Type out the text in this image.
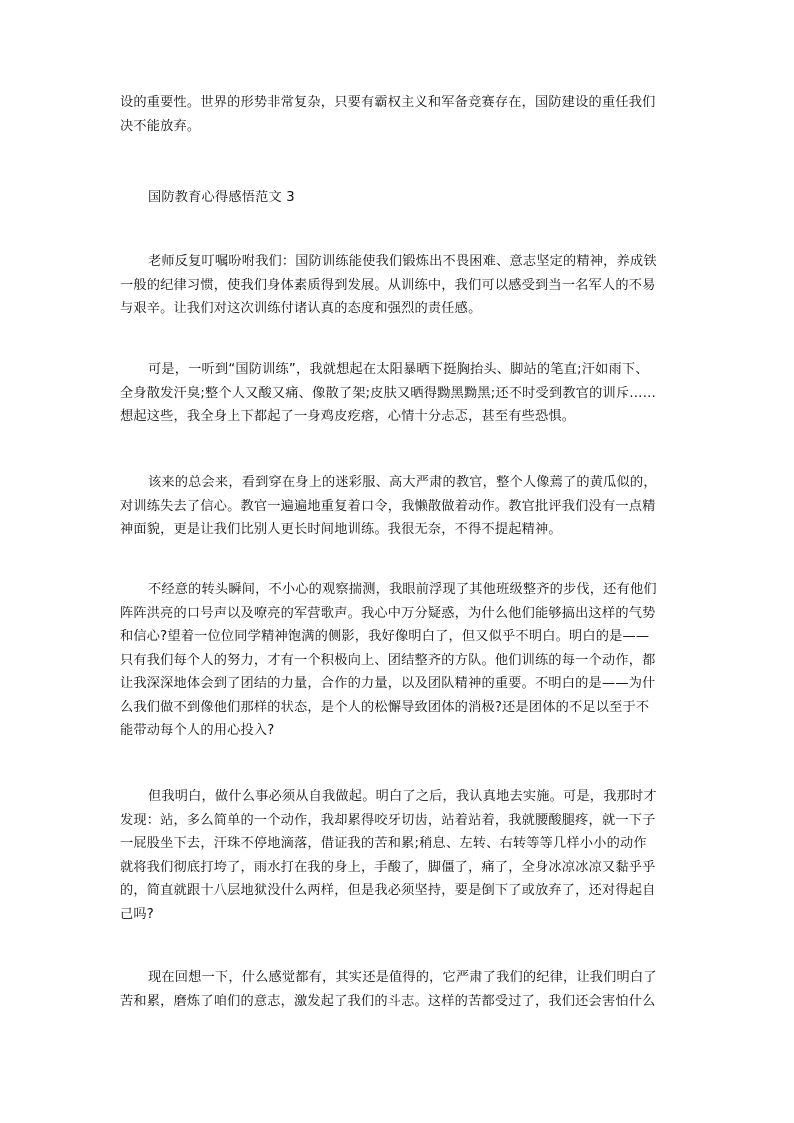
设的重要性。世界的形势非常复杂，只要有霸权主义和军备竞赛存在，国防建设的重任我们
决不能放弃。
国防教育心得感悟范文 3
老师反复叮嘱吩咐我们：国防训练能使我们锻炼出不畏困难、意志坚定的精神，养成铁
一般的纪律习惯，使我们身体素质得到发展。从训练中，我们可以感受到当一名军人的不易
与艰辛。让我们对这次训练付诸认真的态度和强烈的责任感。
可是，一听到“国防训练”，我就想起在太阳暴晒下挺胸抬头、脚站的笔直;汗如雨下、
全身散发汗臭;整个人又酸又痛、像散了架;皮肤又晒得黝黑黝黑;还不时受到教官的训斥……
想起这些，我全身上下都起了一身鸡皮疙瘩，心情十分忐忑，甚至有些恐惧。
该来的总会来，看到穿在身上的迷彩服、高大严肃的教官，整个人像蔫了的黄瓜似的，
对训练失去了信心。教官一遍遍地重复着口令，我懒散做着动作。教官批评我们没有一点精
神面貌，更是让我们比别人更长时间地训练。我很无奈，不得不提起精神。
不经意的转头瞬间，不小心的观察揣测，我眼前浮现了其他班级整齐的步伐，还有他们
阵阵洪亮的口号声以及嘹亮的军营歌声。我心中万分疑惑，为什么他们能够搞出这样的气势
和信心?望着一位位同学精神饱满的侧影，我好像明白了，但又似乎不明白。明白的是——
只有我们每个人的努力，才有一个积极向上、团结整齐的方队。他们训练的每一个动作，都
让我深深地体会到了团结的力量，合作的力量，以及团队精神的重要。不明白的是——为什
么我们做不到像他们那样的状态，是个人的松懈导致团体的消极?还是团体的不足以至于不
能带动每个人的用心投入?
但我明白，做什么事必须从自我做起。明白了之后，我认真地去实施。可是，我那时才
发现：站，多么简单的一个动作，我却累得咬牙切齿，站着站着，我就腰酸腿疼，就一下子
一屁股坐下去，汗珠不停地滴落，借证我的苦和累;稍息、左转、右转等等几样小小的动作
就将我们彻底打垮了，雨水打在我的身上，手酸了，脚僵了，痛了，全身冰凉冰凉又黏乎乎
的，简直就跟十八层地狱没什么两样，但是我必须坚持，要是倒下了或放弃了，还对得起自
己吗?
现在回想一下，什么感觉都有，其实还是值得的，它严肃了我们的纪律，让我们明白了
苦和累，磨炼了咱们的意志，激发起了我们的斗志。这样的苦都受过了，我们还会害怕什么
